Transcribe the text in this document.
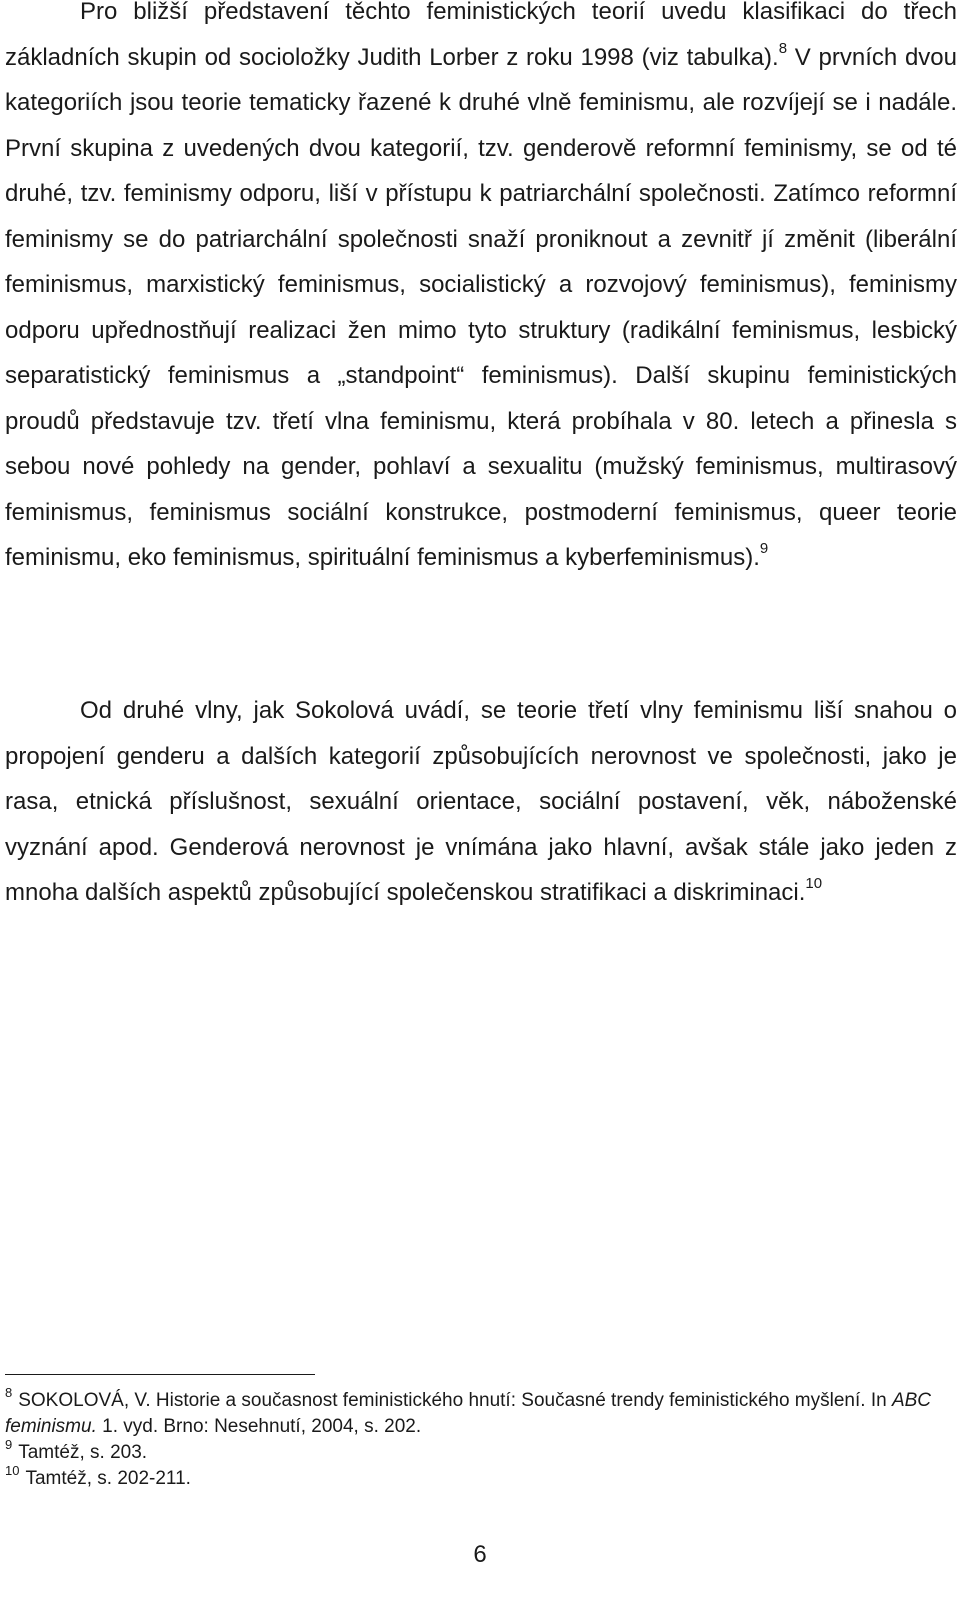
Pro bližší představení těchto feministických teorií uvedu klasifikaci do třech základních skupin od socioložky Judith Lorber z roku 1998 (viz tabulka).$^8$ V prvních dvou kategoriích jsou teorie tematicky řazené k druhé vlně feminismu, ale rozvíjejí se i nadále. První skupina z uvedených dvou kategorií, tzv. genderově reformní feminismy, se od té druhé, tzv. feminismy odporu, liší v přístupu k patriarchální společnosti. Zatímco reformní feminismy se do patriarchální společnosti snaží proniknout a zevnitř jí změnit (liberální feminismus, marxistický feminismus, socialistický a rozvojový feminismus), feminismy odporu upřednostňují realizaci žen mimo tyto struktury (radikální feminismus, lesbický separatistický feminismus a „standpoint“ feminismus). Další skupinu feministických proudů představuje tzv. třetí vlna feminismu, která probíhala v 80. letech a přinesla s sebou nové pohledy na gender, pohlaví a sexualitu (mužský feminismus, multirasový feminismus, feminismus sociální konstrukce, postmoderní feminismus, queer teorie feminismu, eko feminismus, spirituální feminismus a kyberfeminismus).$^9$

Od druhé vlny, jak Sokolová uvádí, se teorie třetí vlny feminismu liší snahou o propojení genderu a dalších kategorií způsobujících nerovnost ve společnosti, jako je rasa, etnická příslušnost, sexuální orientace, sociální postavení, věk, náboženské vyznání apod. Genderová nerovnost je vnímána jako hlavní, avšak stále jako jeden z mnoha dalších aspektů způsobující společenskou stratifikaci a diskriminaci.$^{10}$

$^8$ SOKOLOVÁ, V. Historie a současnost feministického hnutí: Současné trendy feministického myšlení. In ABC feminismu. 1. vyd. Brno: Nesehnutí, 2004, s. 202.
$^9$ Tamtéž, s. 203.
$^{10}$ Tamtéž, s. 202-211.
6
